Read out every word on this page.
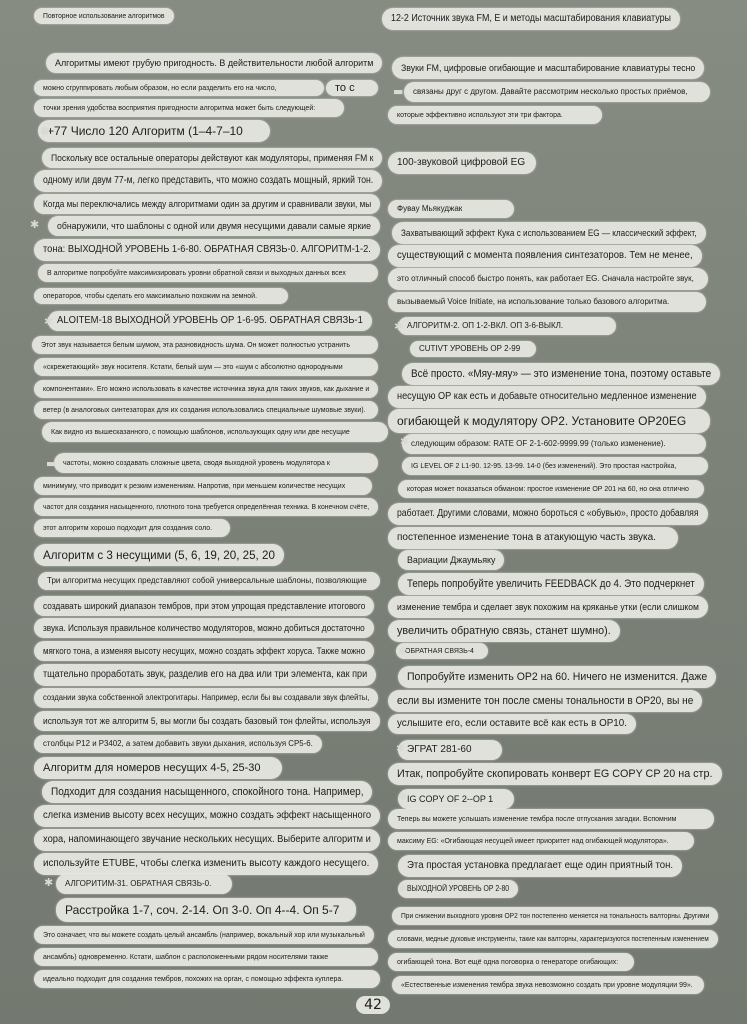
Повторное использование алгоритмов
Алгоритмы имеют грубую пригодность. В действительности любой алгоритм
можно сгруппировать любым образом, но если разделить его на число,	то с
точки зрения удобства восприятия пригодности алгоритма может быть следующей:
+77 Число 120 Алгоритм (1–4-7–10
Поскольку все остальные операторы действуют как модуляторы, применяя FM к
одному или двум 77-м, легко представить, что можно создать мощный, яркий тон.
Когда мы переключались между алгоритмами один за другим и сравнивали звуки, мы
обнаружили, что шаблоны с одной или двумя несущими давали самые яркие
тона: ВЫХОДНОЙ УРОВЕНЬ 1-6-80. ОБРАТНАЯ СВЯЗЬ-0. АЛГОРИТМ-1-2.
В алгоритме попробуйте максимизировать уровни обратной связи и выходных данных всех
операторов, чтобы сделать его максимально похожим на земной.
ALOITEM-18 ВЫХОДНОЙ УРОВЕНЬ ОР 1-6-95. ОБРАТНАЯ СВЯЗЬ-1
Этот звук называется белым шумом, эта разновидность шума. Он может полностью устранить
«скрежетающий» звук носителя. Кстати, белый шум — это «шум с абсолютно однородными
компонентами». Его можно использовать в качестве источника звука для таких звуков, как дыхание и
ветер (в аналоговых синтезаторах для их создания использовались специальные шумовые звуки).
Как видно из вышесказанного, с помощью шаблонов, использующих одну или две несущие
частоты, можно создавать сложные цвета, сводя выходной уровень модулятора к
минимуму, что приводит к резким изменениям. Напротив, при меньшем количестве несущих
частот для создания насыщенного, плотного тона требуется определённая техника. В конечном счёте,
этот алгоритм хорошо подходит для создания соло.
Алгоритм с 3 несущими (5, 6, 19, 20, 25, 20
Три алгоритма несущих представляют собой универсальные шаблоны, позволяющие
создавать широкий диапазон тембров, при этом упрощая представление итогового
звука. Используя правильное количество модуляторов, можно добиться достаточно
мягкого тона, а изменяя высоту несущих, можно создать эффект хоруса. Также можно
тщательно проработать звук, разделив его на два или три элемента, как при
создании звука собственной электрогитары. Например, если бы вы создавали звук флейты,
используя тот же алгоритм 5, вы могли бы создать базовый тон флейты, используя
столбцы Р12 и Р3402, а затем добавить звуки дыхания, используя СР5-6.
Алгоритм для номеров несущих 4-5, 25-30
Подходит для создания насыщенного, спокойного тона. Например,
слегка изменив высоту всех несущих, можно создать эффект насыщенного
хора, напоминающего звучание нескольких несущих. Выберите алгоритм и
используйте ETUBE, чтобы слегка изменить высоту каждого несущего.
АЛГОРИТИМ-31. ОБРАТНАЯ СВЯЗЬ-0.
Расстройка 1-7, соч. 2-14. Оп 3-0. Оп 4--4. Оп 5-7
Это означает, что вы можете создать целый ансамбль (например, вокальный хор или музыкальный
ансамбль) одновременно. Кстати, шаблон с расположенными рядом носителями также
идеально подходит для создания тембров, похожих на орган, с помощью эффекта куплера.
12-2 Источник звука FM, Е и методы масштабирования клавиатуры
Звуки FM, цифровые огибающие и масштабирование клавиатуры тесно
связаны друг с другом. Давайте рассмотрим несколько простых приёмов,
которые эффективно используют эти три фактора.
100-звуковой цифровой EG
Фувау Мьякуджак
Захватывающий эффект Кука с использованием EG — классический эффект,
существующий с момента появления синтезаторов. Тем не менее,
это отличный способ быстро понять, как работает EG. Сначала настройте звук,
вызываемый Voice Initiate, на использование только базового алгоритма.
АЛГОРИТМ-2. ОП 1-2-ВКЛ. ОП 3-6-ВЫКЛ.
CUTIVT УРОВЕНЬ ОР 2-99
Всё просто. «Мяу-мяу» — это изменение тона, поэтому оставьте
несущую ОР как есть и добавьте относительно медленное изменение
огибающей к модулятору OP2. Установите OP20EG
следующим образом: RATE OF 2-1-602-9999.99 (только изменение).
IG LEVEL OF 2 L1-90. 12-95. 13-99. 14-0 (без изменений). Это простая настройка,
которая может показаться обманом: простое изменение ОР 201 на 60, но она отлично
работает. Другими словами, можно бороться с «обувью», просто добавляя
постепенное изменение тона в атакующую часть звука.
Вариации Джаумьяку
Теперь попробуйте увеличить FEEDBACK до 4. Это подчеркнет
изменение тембра и сделает звук похожим на кряканье утки (если слишком
увеличить обратную связь, станет шумно).
ОБРАТНАЯ СВЯЗЬ-4
Попробуйте изменить ОР2 на 60. Ничего не изменится. Даже
если вы измените тон после смены тональности в OP20, вы не
услышите его, если оставите всё как есть в OP10.
ЭГРАТ 281-60
Итак, попробуйте скопировать конверт EG COPY CP 20 на стр.
IG COPY OF 2--OP 1
Теперь вы можете услышать изменение тембра после отпускания загадки. Вспомним
максиму EG: «Огибающая несущей имеет приоритет над огибающей модулятора».
Эта простая установка предлагает еще один приятный тон.
ВЫХОДНОЙ УРОВЕНЬ ОР 2-80
При снижении выходного уровня OP2 тон постепенно меняется на тональность валторны. Другими
словами, медные духовые инструменты, такие как валторны, характеризуются постепенным изменением
огибающей тона. Вот ещё одна поговорка о генераторе огибающих:
«Естественные изменения тембра звука невозможно создать при уровне модуляции 99».
●
✱
✱
▬
✱
✱
✱
✱
✱
✱
▬
✱
42
